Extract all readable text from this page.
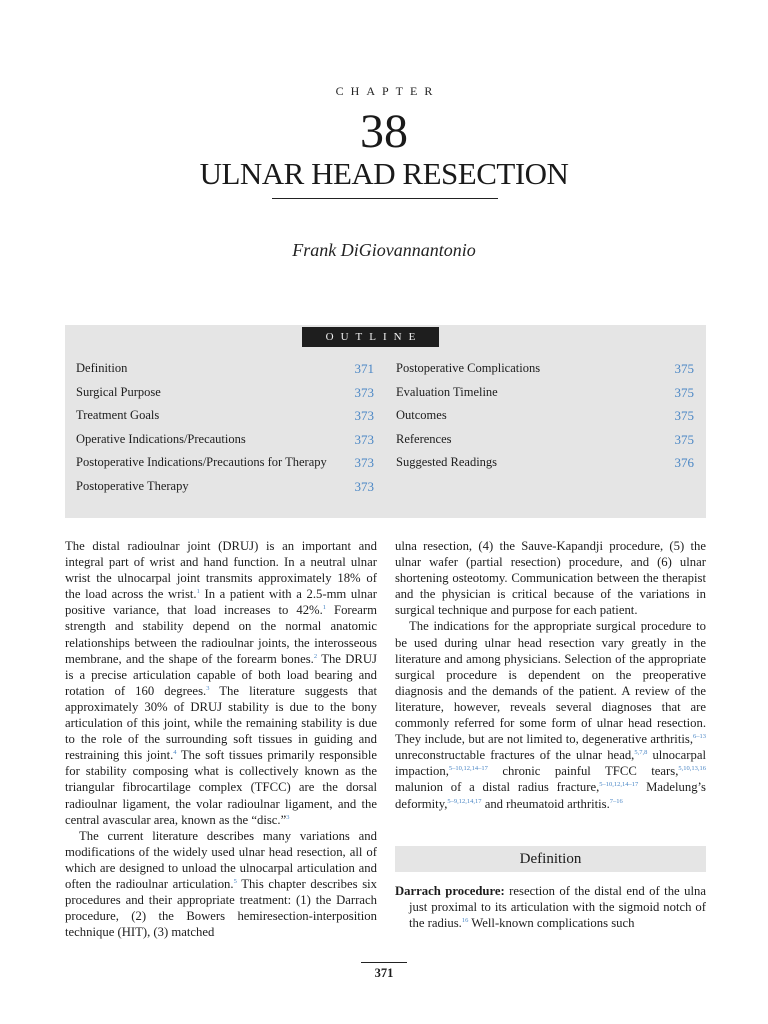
CHAPTER
38
ULNAR HEAD RESECTION
Frank DiGiovannantonio
OUTLINE
Definition	371
Surgical Purpose	373
Treatment Goals	373
Operative Indications/Precautions	373
Postoperative Indications/Precautions for Therapy 373
Postoperative Therapy	373
Postoperative Complications	375
Evaluation Timeline	375
Outcomes	375
References	375
Suggested Readings	376

The distal radioulnar joint (DRUJ) is an important and integral part of wrist and hand function. In a neutral ulnar wrist the ulnocarpal joint transmits approximately 18% of the load across the wrist.$^1$ In a patient with a 2.5-mm ulnar positive variance, that load increases to 42%.$^1$ Forearm strength and stability depend on the normal anatomic relationships between the radioulnar joints, the interosseous membrane, and the shape of the forearm bones.$^2$ The DRUJ is a precise articulation capable of both load bearing and rotation of 160 degrees.$^3$ The literature suggests that approximately 30% of DRUJ stability is due to the bony articulation of this joint, while the remaining stability is due to the role of the surrounding soft tissues in guiding and restraining this joint.$^4$ The soft tissues primarily responsible for stability composing what is collectively known as the triangular fibrocartilage complex (TFCC) are the dorsal radioulnar ligament, the volar radioulnar ligament, and the central avascular area, known as the “disc.”$^3$

The current literature describes many variations and modifications of the widely used ulnar head resection, all of which are designed to unload the ulnocarpal articulation and often the radioulnar articulation.$^5$ This chapter describes six procedures and their appropriate treatment: (1) the Darrach procedure, (2) the Bowers hemiresection-interposition technique (HIT), (3) matched

ulna resection, (4) the Sauve-Kapandji procedure, (5) the ulnar wafer (partial resection) procedure, and (6) ulnar shortening osteotomy. Communication between the therapist and the physician is critical because of the variations in surgical technique and purpose for each patient.

The indications for the appropriate surgical procedure to be used during ulnar head resection vary greatly in the literature and among physicians. Selection of the appropriate surgical procedure is dependent on the preoperative diagnosis and the demands of the patient. A review of the literature, however, reveals several diagnoses that are commonly referred for some form of ulnar head resection. They include, but are not limited to, degenerative arthritis,$^{6-13}$ unreconstructable fractures of the ulnar head,$^{5,7,8}$ ulnocarpal impaction,$^{5-10,12,14-17}$ chronic painful TFCC tears,$^{5,10,13,16}$ malunion of a distal radius fracture,$^{5-10,12,14-17}$ Madelung’s deformity,$^{5-9,12,14,17}$ and rheumatoid arthritis.$^{7-16}$

Definition

Darrach procedure: resection of the distal end of the ulna just proximal to its articulation with the sigmoid notch of the radius.$^{16}$ Well-known complications such

371
